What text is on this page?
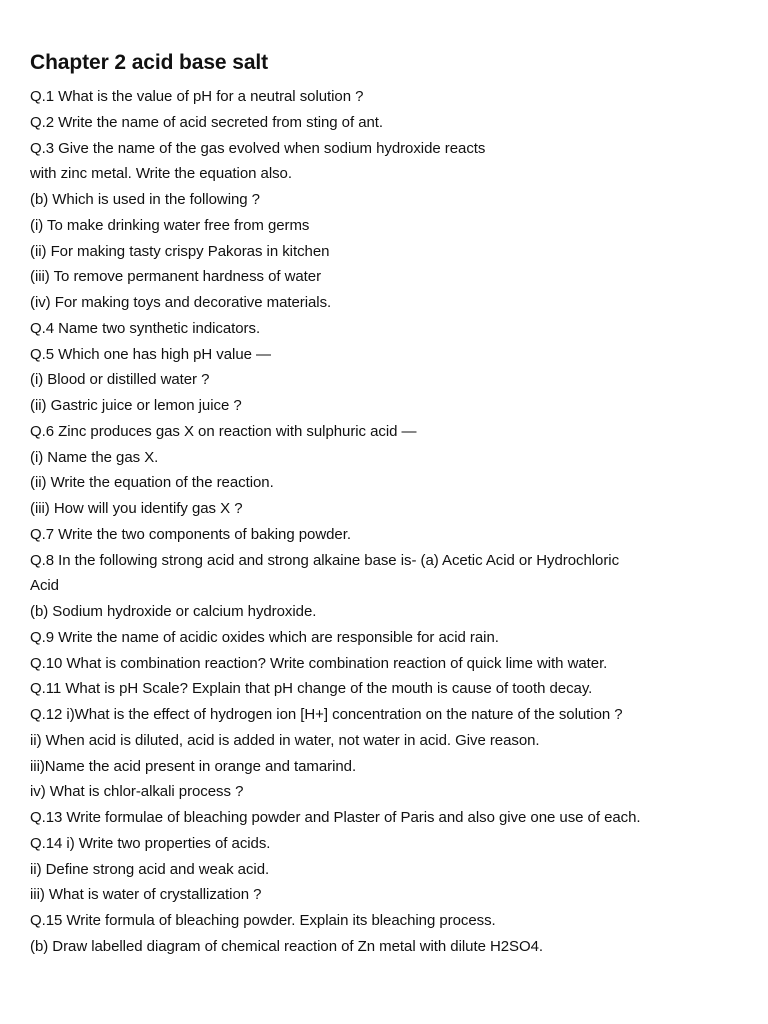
Chapter 2 acid base salt
Q.1 What is the value of pH for a neutral solution ?
Q.2 Write the name of acid secreted from sting of ant.
Q.3 Give the name of the gas evolved when sodium hydroxide reacts
with zinc metal. Write the equation also.
(b) Which is used in the following ?
(i) To make drinking water free from germs
(ii) For making tasty crispy Pakoras in kitchen
(iii) To remove permanent hardness of water
(iv) For making toys and decorative materials.
Q.4 Name two synthetic indicators.
Q.5 Which one has high pH value —
(i) Blood or distilled water ?
(ii) Gastric juice or lemon juice ?
Q.6 Zinc produces gas X on reaction with sulphuric acid —
(i) Name the gas X.
(ii) Write the equation of the reaction.
(iii) How will you identify gas X ?
Q.7 Write the two components of baking powder.
Q.8 In the following strong acid and strong alkaine base is- (a) Acetic Acid or Hydrochloric
Acid
(b) Sodium hydroxide or calcium hydroxide.
Q.9 Write the name of acidic oxides which are responsible for acid rain.
Q.10 What is combination reaction? Write combination reaction of quick lime with water.
Q.11 What is pH Scale? Explain that pH change of the mouth is cause of tooth decay.
Q.12 i)What is the effect of hydrogen ion [H+] concentration on the nature of the solution ?
ii) When acid is diluted, acid is added in water, not water in acid. Give reason.
iii)Name the acid present in orange and tamarind.
iv) What is chlor-alkali process ?
Q.13 Write formulae of bleaching powder and Plaster of Paris and also give one use of each.
Q.14 i) Write two properties of acids.
ii) Define strong acid and weak acid.
iii) What is water of crystallization ?
Q.15 Write formula of bleaching powder. Explain its bleaching process.
(b) Draw labelled diagram of chemical reaction of Zn metal with dilute H2SO4.
